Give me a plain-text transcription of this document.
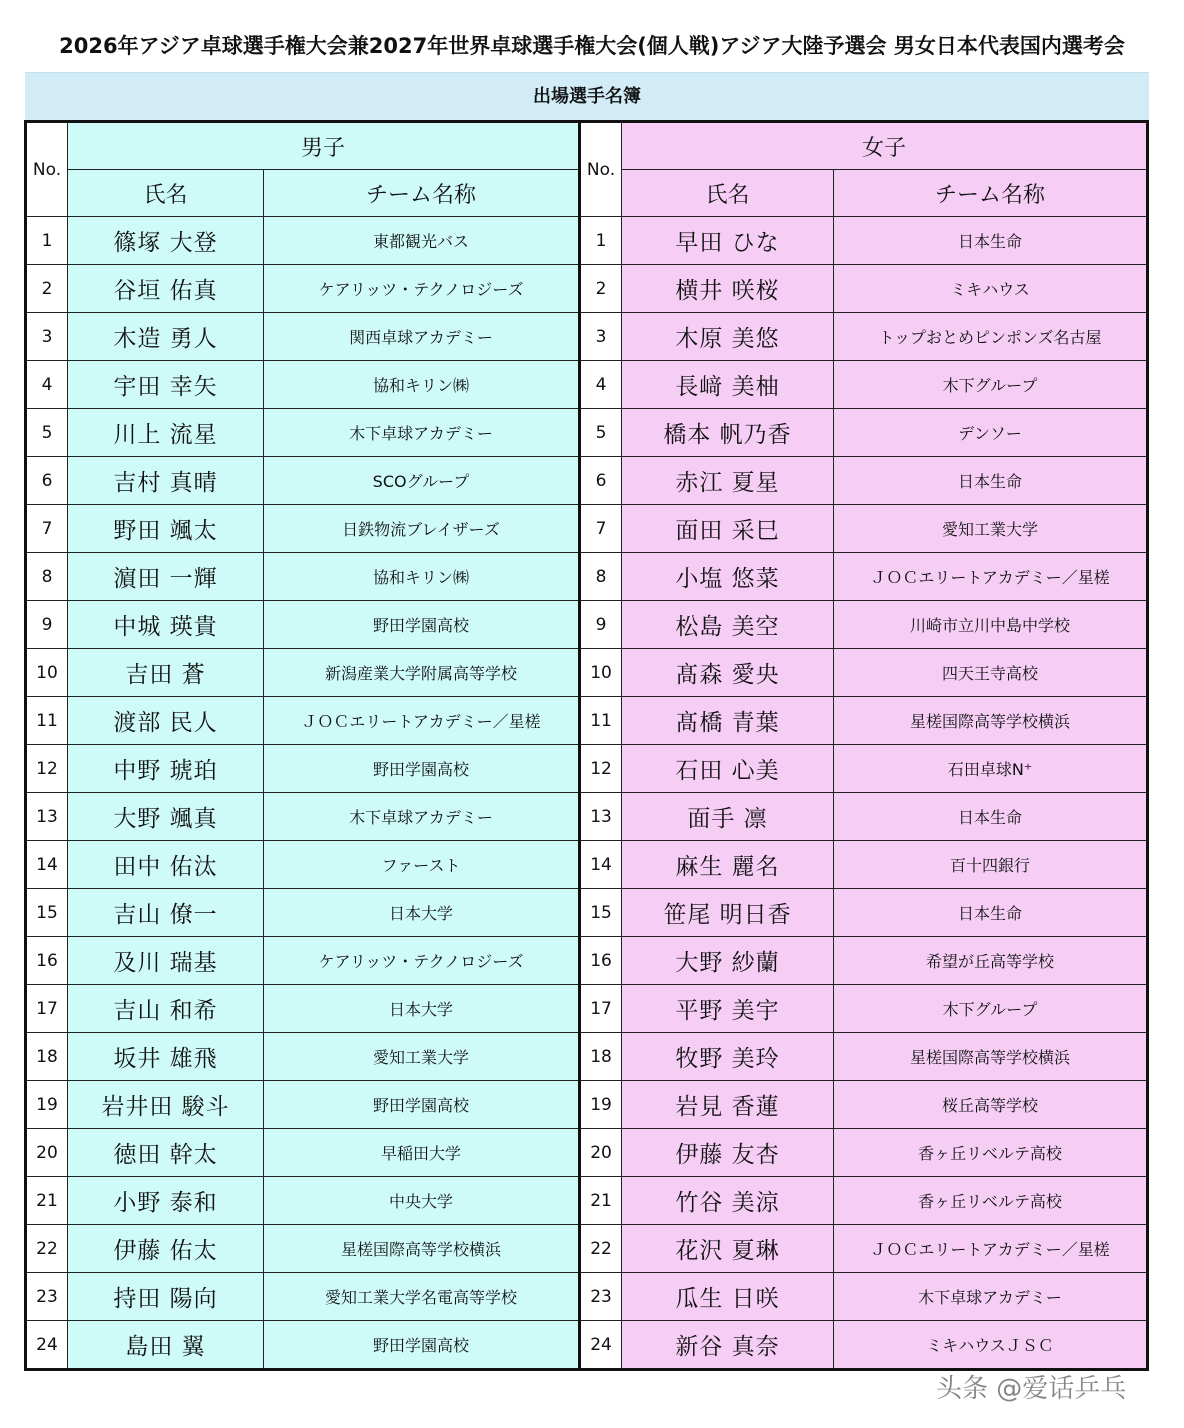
2026年アジア卓球選手権大会兼2027年世界卓球選手権大会(個人戦)アジア大陸予選会 男女日本代表国内選考会
出場選手名簿
No.	男子		No.	女子	
	氏名	チーム名称		氏名	チーム名称
1	篠塚 大登	東都観光バス	1	早田 ひな	日本生命
2	谷垣 佑真	ケアリッツ・テクノロジーズ	2	横井 咲桜	ミキハウス
3	木造 勇人	関西卓球アカデミー	3	木原 美悠	トップおとめピンポンズ名古屋
4	宇田 幸矢	協和キリン㈱	4	長﨑 美柚	木下グループ
5	川上 流星	木下卓球アカデミー	5	橋本 帆乃香	デンソー
6	吉村 真晴	SCOグループ	6	赤江 夏星	日本生命
7	野田 颯太	日鉄物流ブレイザーズ	7	面田 采巳	愛知工業大学
8	濵田 一輝	協和キリン㈱	8	小塩 悠菜	ＪＯＣエリートアカデミー／星槎
9	中城 瑛貴	野田学園高校	9	松島 美空	川崎市立川中島中学校
10	吉田 蒼	新潟産業大学附属高等学校	10	髙森 愛央	四天王寺高校
11	渡部 民人	ＪＯＣエリートアカデミー／星槎	11	髙橋 青葉	星槎国際高等学校横浜
12	中野 琥珀	野田学園高校	12	石田 心美	石田卓球N⁺
13	大野 颯真	木下卓球アカデミー	13	面手 凛	日本生命
14	田中 佑汰	ファースト	14	麻生 麗名	百十四銀行
15	吉山 僚一	日本大学	15	笹尾 明日香	日本生命
16	及川 瑞基	ケアリッツ・テクノロジーズ	16	大野 紗蘭	希望が丘高等学校
17	吉山 和希	日本大学	17	平野 美宇	木下グループ
18	坂井 雄飛	愛知工業大学	18	牧野 美玲	星槎国際高等学校横浜
19	岩井田 駿斗	野田学園高校	19	岩見 香蓮	桜丘高等学校
20	徳田 幹太	早稲田大学	20	伊藤 友杏	香ヶ丘リベルテ高校
21	小野 泰和	中央大学	21	竹谷 美涼	香ヶ丘リベルテ高校
22	伊藤 佑太	星槎国際高等学校横浜	22	花沢 夏琳	ＪＯＣエリートアカデミー／星槎
23	持田 陽向	愛知工業大学名電高等学校	23	瓜生 日咲	木下卓球アカデミー
24	島田 翼	野田学園高校	24	新谷 真奈	ミキハウスＪＳＣ
头条 @爱话乒乓
